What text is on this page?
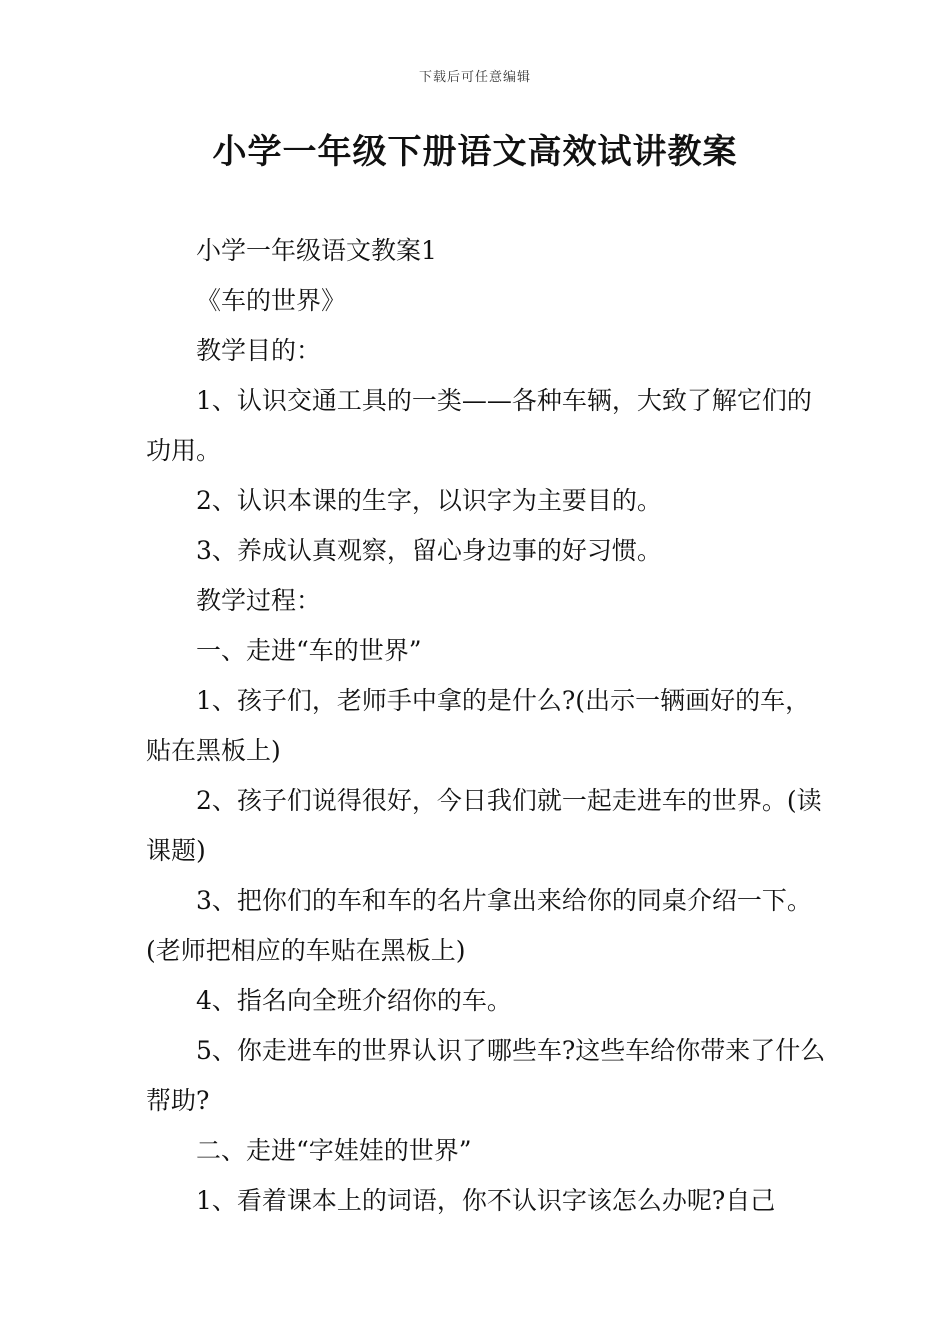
下载后可任意编辑
小学一年级下册语文高效试讲教案

小学一年级语文教案1

《车的世界》

教学目的：

1、认识交通工具的一类——各种车辆，大致了解它们的功用。

2、认识本课的生字，以识字为主要目的。

3、养成认真观察，留心身边事的好习惯。

教学过程：

一、走进“车的世界”

1、孩子们，老师手中拿的是什么?(出示一辆画好的车，贴在黑板上)

2、孩子们说得很好，今日我们就一起走进车的世界。(读课题)

3、把你们的车和车的名片拿出来给你的同桌介绍一下。(老师把相应的车贴在黑板上)

4、指名向全班介绍你的车。

5、你走进车的世界认识了哪些车?这些车给你带来了什么帮助?

二、走进“字娃娃的世界”

1、看着课本上的词语，你不认识字该怎么办呢?自己
